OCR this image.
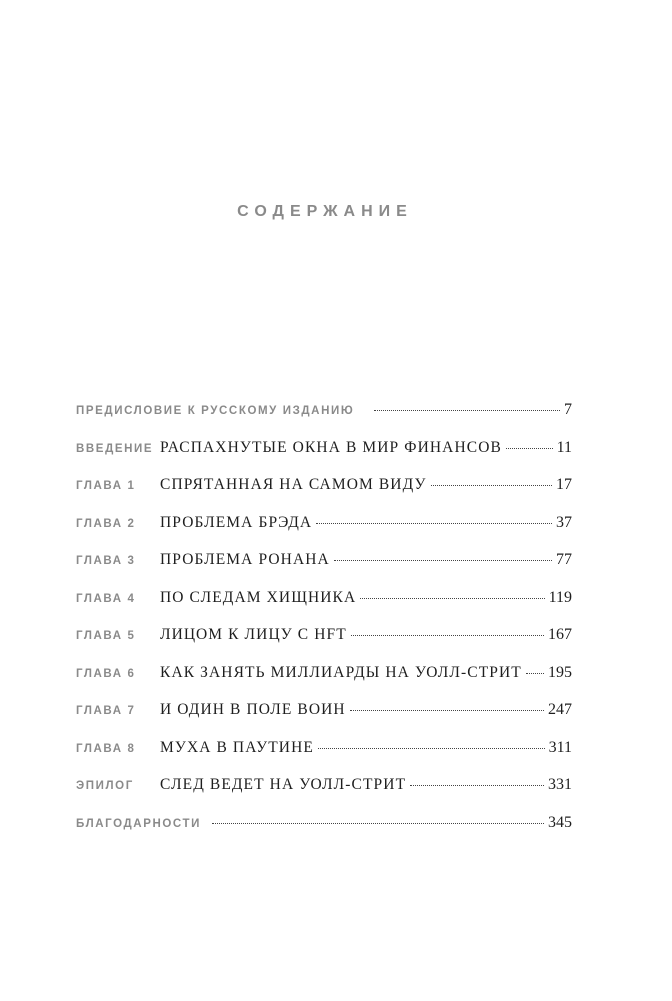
СОДЕРЖАНИЕ
ПРЕДИСЛОВИЕ К РУССКОМУ ИЗДАНИЮ	7
ВВЕДЕНИЕ РАСПАХНУТЫЕ ОКНА В МИР ФИНАНСОВ	11
ГЛАВА 1 СПРЯТАННАЯ НА САМОМ ВИДУ	17
ГЛАВА 2 ПРОБЛЕМА БРЭДА	37
ГЛАВА 3 ПРОБЛЕМА РОНАНА	77
ГЛАВА 4 ПО СЛЕДАМ ХИЩНИКА	119
ГЛАВА 5 ЛИЦОМ К ЛИЦУ С HFT	167
ГЛАВА 6 КАК ЗАНЯТЬ МИЛЛИАРДЫ НА УОЛЛ-СТРИТ 195
ГЛАВА 7 И ОДИН В ПОЛЕ ВОИН	247
ГЛАВА 8 МУХА В ПАУТИНЕ	311
ЭПИЛОГ СЛЕД ВЕДЕТ НА УОЛЛ-СТРИТ	331
БЛАГОДАРНОСТИ	345
